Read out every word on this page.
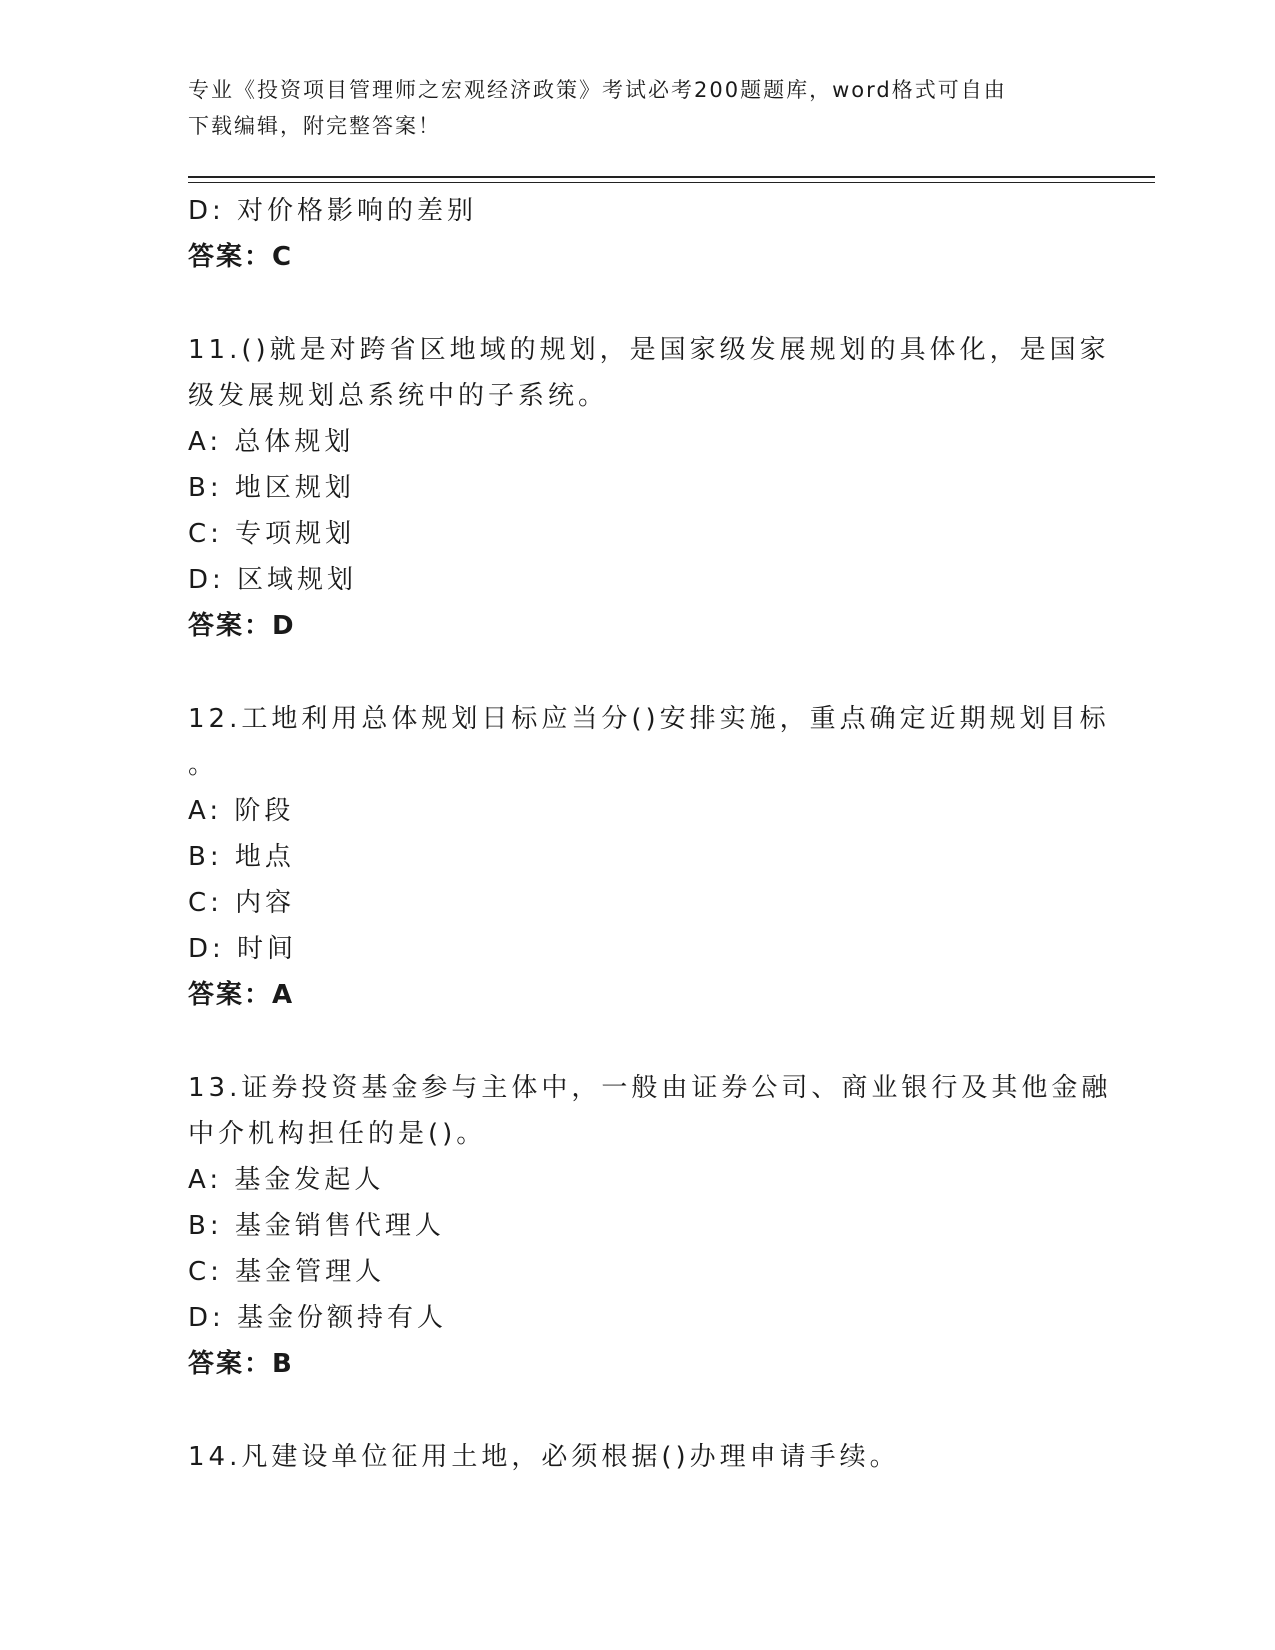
专业《投资项目管理师之宏观经济政策》考试必考200题题库，word格式可自由
下载编辑，附完整答案！
D: 对价格影响的差别
答案：C
11.()就是对跨省区地域的规划，是国家级发展规划的具体化，是国家
级发展规划总系统中的子系统。
A: 总体规划
B: 地区规划
C: 专项规划
D: 区域规划
答案：D
12.工地利用总体规划日标应当分()安排实施，重点确定近期规划目标
。
A: 阶段
B: 地点
C: 内容
D: 时间
答案：A
13.证券投资基金参与主体中，一般由证券公司、商业银行及其他金融
中介机构担任的是()。
A: 基金发起人
B: 基金销售代理人
C: 基金管理人
D: 基金份额持有人
答案：B
14.凡建设单位征用土地，必须根据()办理申请手续。
